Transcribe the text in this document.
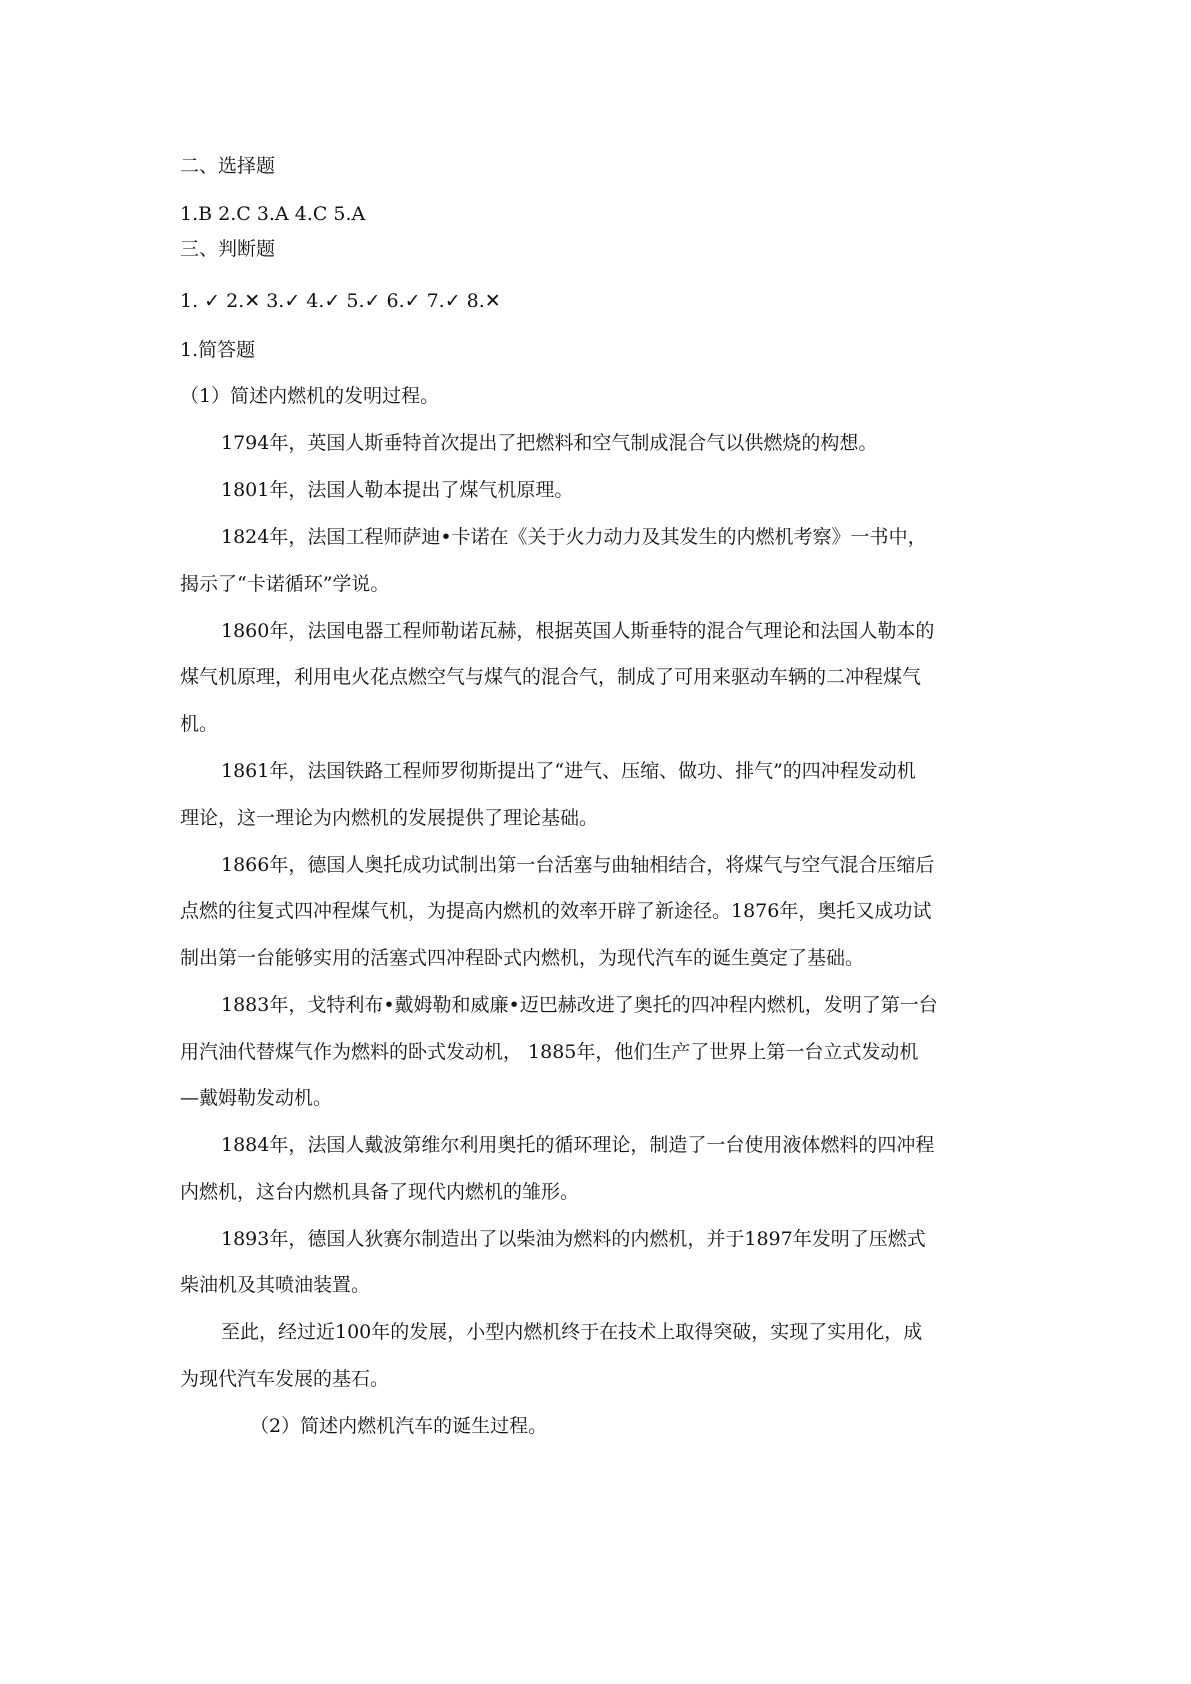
二、选择题
1.B 2.C 3.A 4.C 5.A
三、判断题
1. ✓ 2.✕ 3.✓ 4.✓ 5.✓ 6.✓ 7.✓ 8.✕
1.简答题
（1）简述内燃机的发明过程。
1794年，英国人斯垂特首次提出了把燃料和空气制成混合气以供燃烧的构想。
1801年，法国人勒本提出了煤气机原理。
1824年，法国工程师萨迪•卡诺在《关于火力动力及其发生的内燃机考察》一书中，
揭示了“卡诺循环”学说。
1860年，法国电器工程师勒诺瓦赫，根据英国人斯垂特的混合气理论和法国人勒本的
煤气机原理，利用电火花点燃空气与煤气的混合气，制成了可用来驱动车辆的二冲程煤气
机。
1861年，法国铁路工程师罗彻斯提出了“进气、压缩、做功、排气”的四冲程发动机
理论，这一理论为内燃机的发展提供了理论基础。
1866年，德国人奥托成功试制出第一台活塞与曲轴相结合，将煤气与空气混合压缩后
点燃的往复式四冲程煤气机，为提高内燃机的效率开辟了新途径。1876年，奥托又成功试
制出第一台能够实用的活塞式四冲程卧式内燃机，为现代汽车的诞生奠定了基础。
1883年，戈特利布•戴姆勒和威廉•迈巴赫改进了奥托的四冲程内燃机，发明了第一台
用汽油代替煤气作为燃料的卧式发动机， 1885年，他们生产了世界上第一台立式发动机
—戴姆勒发动机。
1884年，法国人戴波第维尔利用奥托的循环理论，制造了一台使用液体燃料的四冲程
内燃机，这台内燃机具备了现代内燃机的雏形。
1893年，德国人狄赛尔制造出了以柴油为燃料的内燃机，并于1897年发明了压燃式
柴油机及其喷油装置。
至此，经过近100年的发展，小型内燃机终于在技术上取得突破，实现了实用化，成
为现代汽车发展的基石。
（2）简述内燃机汽车的诞生过程。
